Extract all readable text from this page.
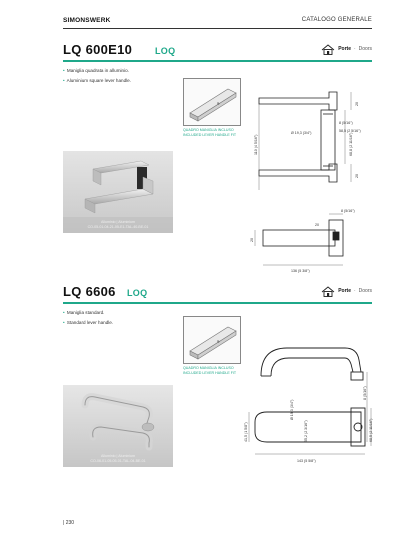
SIMONSWERK	CATALOGO GENERALE
LQ 600E10	LOQ	Porte · Doors
• Maniglia quadrata in alluminio.
• Aluminium square lever handle.
8
QUADRO MANIGLIA INCLUSO
INCLUDED LEVER HANDLE FIT
Alluminio | Aluminium
CO-05-01-04-21-05-E1-TAL-40-BE-01
110 (4 5/16")	68,8 (2 11/16")
20
20
Ø 19,3 (3/4")
8 (5/16")
58,5 (2 5/16")
20
20
8 (5/16")
136 (5 3/8")
LQ 6606 LOQ	Porte · Doors
• Maniglia standard.
• Standard lever handle.
8
QUADRO MANIGLIA INCLUSO
INCLUDED LEVER HANDLE FIT
Alluminio | Aluminium
CO-06-01-05-05-01-TAL-04-BE-01
8 (5/16")
68,5 (2 11/16")
Ø 19,3 (3/4")
41,5 (1 5/8")	55,2 (2 3/16")
143 (5 5/8")
| 230
